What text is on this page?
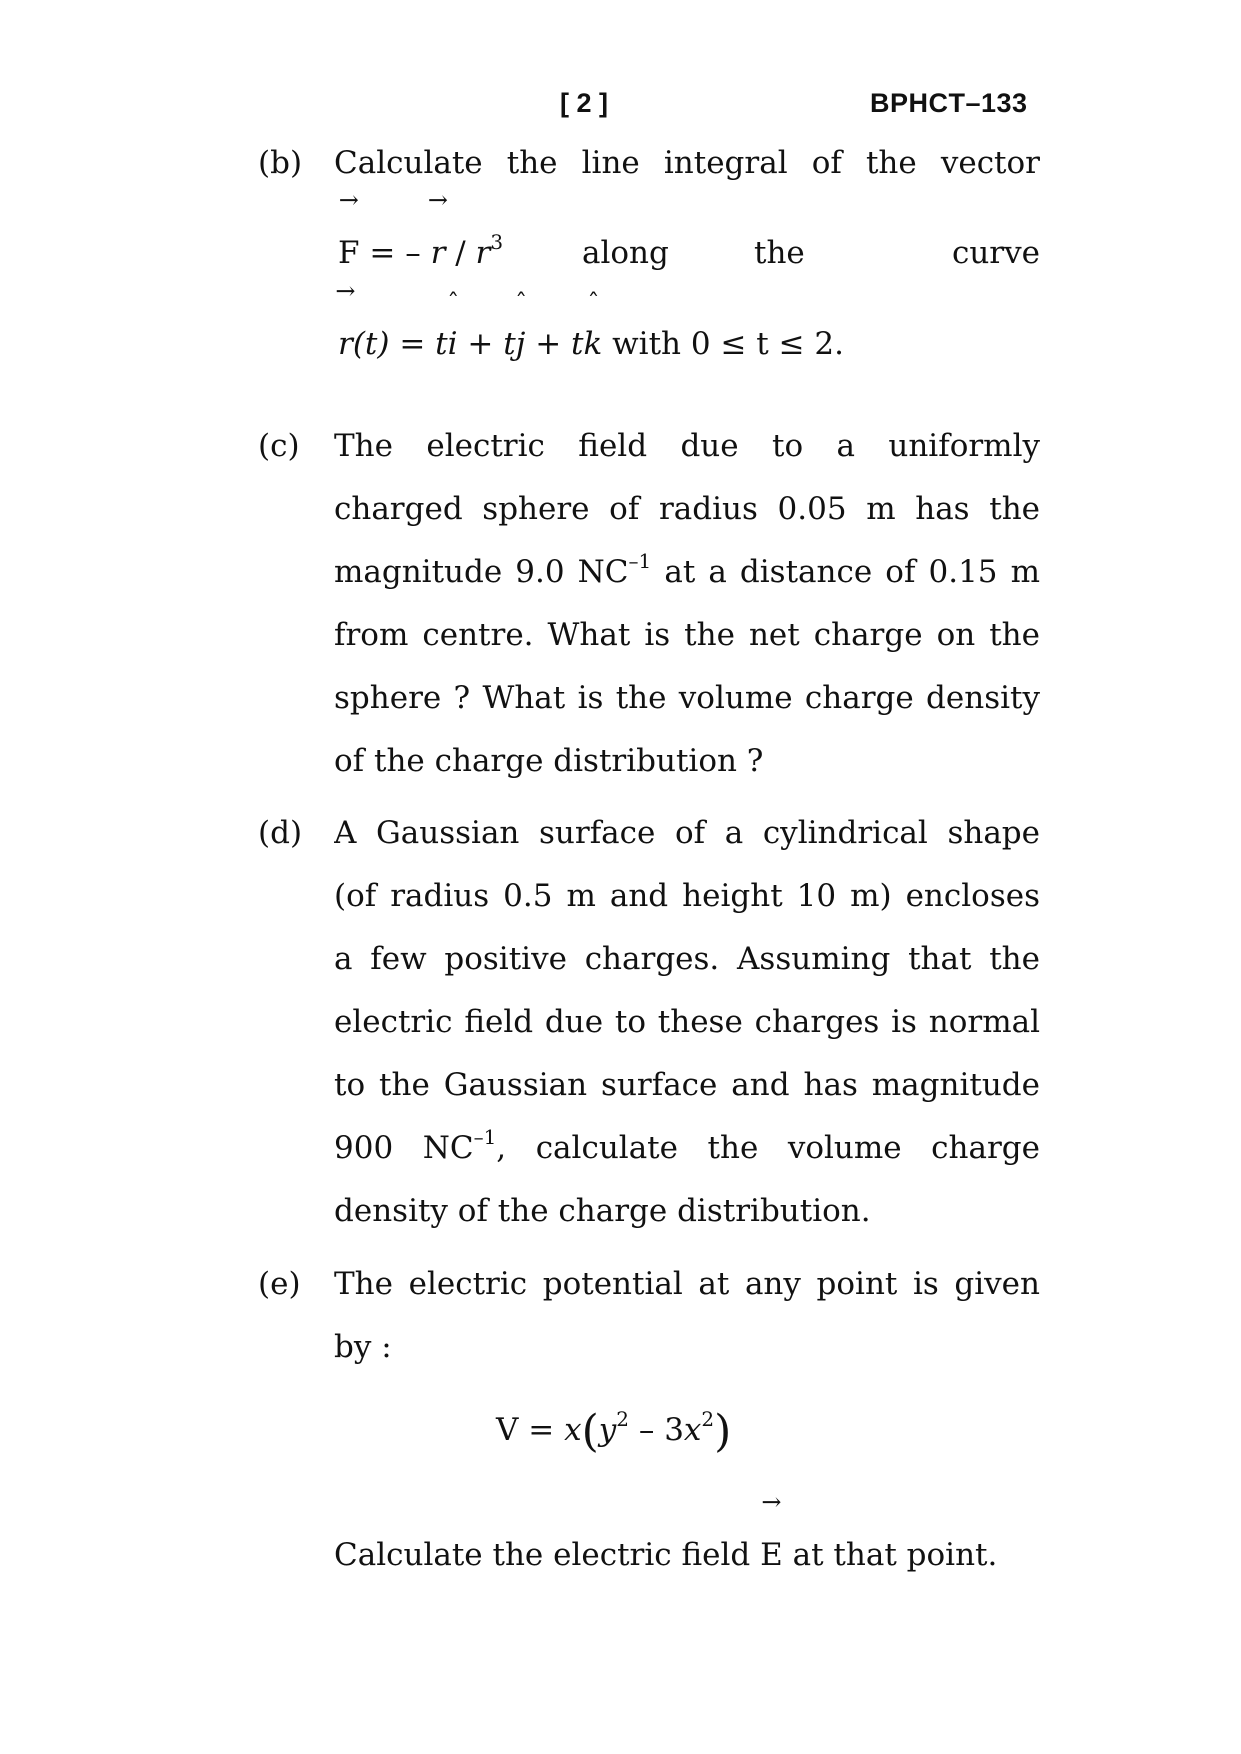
[ 2 ]	BPHCT–133
(b) Calculate the line integral of the vector
→ F = – → r / $r^3$	along	the	curve
→ r(t) = tˆ i + tˆ j + tˆ k with 0 ≤ t ≤ 2.
(c) The electric field due to a uniformly
charged sphere of radius 0.05 m has the
magnitude 9.0 $NC^{-1}$ at a distance of 0.15 m
from centre. What is the net charge on the
sphere ? What is the volume charge density
of the charge distribution ?
(d) A Gaussian surface of a cylindrical shape
(of radius 0.5 m and height 10 m) encloses
a few positive charges. Assuming that the
electric field due to these charges is normal
to the Gaussian surface and has magnitude
900 $NC^{-1}$, calculate the volume charge
density of the charge distribution.
(e) The electric potential at any point is given
by :
$V = x(y^2 - 3x^2)$
Calculate the electric field → E at that point.
